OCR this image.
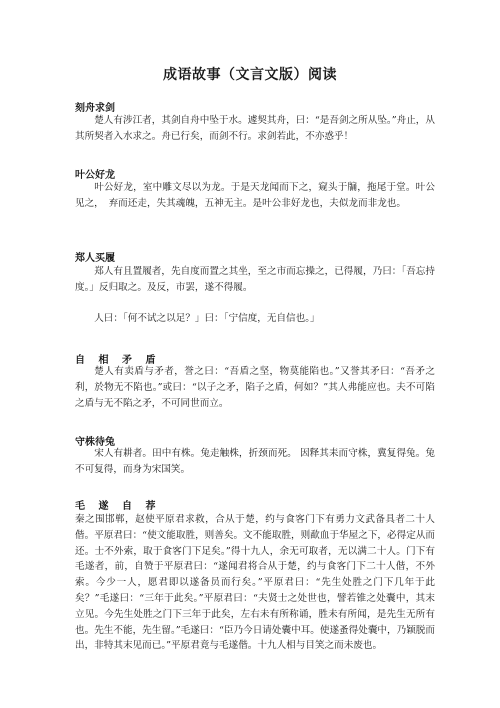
成语故事（文言文版）阅读
刻舟求剑
楚人有涉江者，其剑自舟中坠于水。遽契其舟，曰：“是吾剑之所从坠。”舟止，从其所契者入水求之。舟已行矣，而剑不行。求剑若此，不亦惑乎！
叶公好龙
叶公好龙，室中雕文尽以为龙。于是天龙闻而下之，窥头于牖，拖尾于堂。叶公见之，　弃而还走，失其魂魄，五神无主。是叶公非好龙也，夫似龙而非龙也。
郑人买履
郑人有且置履者，先自度而置之其坐，至之市而忘操之，已得履，乃曰：「吾忘持度。」反归取之。及反，市罢，遂不得履。
人曰：「何不试之以足？」曰：「宁信度，无自信也。」
自 相 矛 盾
楚人有卖盾与矛者，誉之曰：“吾盾之坚，物莫能陷也。”又誉其矛曰：“吾矛之利，於物无不陷也。”或曰：“以子之矛，陷子之盾，何如？”其人弗能应也。夫不可陷之盾与无不陷之矛，不可同世而立。
守株待兔
宋人有耕者。田中有株。兔走触株，折颈而死。 因释其耒而守株，冀复得兔。兔不可复得，而身为宋国笑。
毛 遂 自 荐
秦之围邯郸，赵使平原君求救，合从于楚，约与食客门下有勇力文武备具者二十人偕。平原君曰：“使文能取胜，则善矣。文不能取胜，则歃血于华屋之下，必得定从而还。士不外索，取于食客门下足矣。”得十九人，余无可取者，无以满二十人。门下有毛遂者，前，自赞于平原君曰：“遂闻君将合从于楚，约与食客门下二十人偕，不外索。今少一人，愿君即以遂备员而行矣。”平原君曰：“先生处胜之门下几年于此矣？”毛遂曰：“三年于此矣。”平原君曰：“夫贤士之处世也，譬若锥之处囊中，其末立见。今先生处胜之门下三年于此矣，左右未有所称诵，胜未有所闻，是先生无所有也。先生不能，先生留。”毛遂曰：“臣乃今日请处囊中耳。使遂蚤得处囊中，乃颖脱而出，非特其末见而已。”平原君竟与毛遂偕。十九人相与目笑之而未废也。
